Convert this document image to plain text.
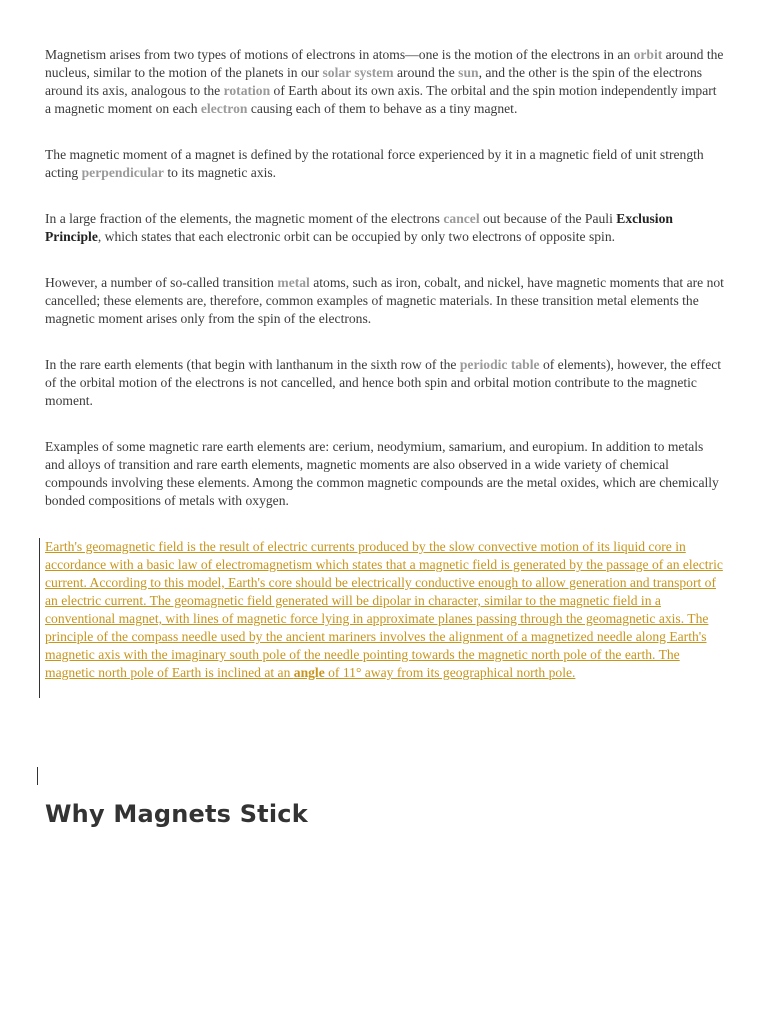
Magnetism arises from two types of motions of electrons in atoms—one is the motion of the electrons in an orbit around the nucleus, similar to the motion of the planets in our solar system around the sun, and the other is the spin of the electrons around its axis, analogous to the rotation of Earth about its own axis. The orbital and the spin motion independently impart a magnetic moment on each electron causing each of them to behave as a tiny magnet.

The magnetic moment of a magnet is defined by the rotational force experienced by it in a magnetic field of unit strength acting perpendicular to its magnetic axis.

In a large fraction of the elements, the magnetic moment of the electrons cancel out because of the Pauli Exclusion Principle, which states that each electronic orbit can be occupied by only two electrons of opposite spin.

However, a number of so-called transition metal atoms, such as iron, cobalt, and nickel, have magnetic moments that are not cancelled; these elements are, therefore, common examples of magnetic materials. In these transition metal elements the magnetic moment arises only from the spin of the electrons.

In the rare earth elements (that begin with lanthanum in the sixth row of the periodic table of elements), however, the effect of the orbital motion of the electrons is not cancelled, and hence both spin and orbital motion contribute to the magnetic moment.

Examples of some magnetic rare earth elements are: cerium, neodymium, samarium, and europium. In addition to metals and alloys of transition and rare earth elements, magnetic moments are also observed in a wide variety of chemical compounds involving these elements. Among the common magnetic compounds are the metal oxides, which are chemically bonded compositions of metals with oxygen.

Earth's geomagnetic field is the result of electric currents produced by the slow convective motion of its liquid core in accordance with a basic law of electromagnetism which states that a magnetic field is generated by the passage of an electric current. According to this model, Earth's core should be electrically conductive enough to allow generation and transport of an electric current. The geomagnetic field generated will be dipolar in character, similar to the magnetic field in a conventional magnet, with lines of magnetic force lying in approximate planes passing through the geomagnetic axis. The principle of the compass needle used by the ancient mariners involves the alignment of a magnetized needle along Earth's magnetic axis with the imaginary south pole of the needle pointing towards the magnetic north pole of the earth. The magnetic north pole of Earth is inclined at an angle of 11° away from its geographical north pole.

Why Magnets Stick
